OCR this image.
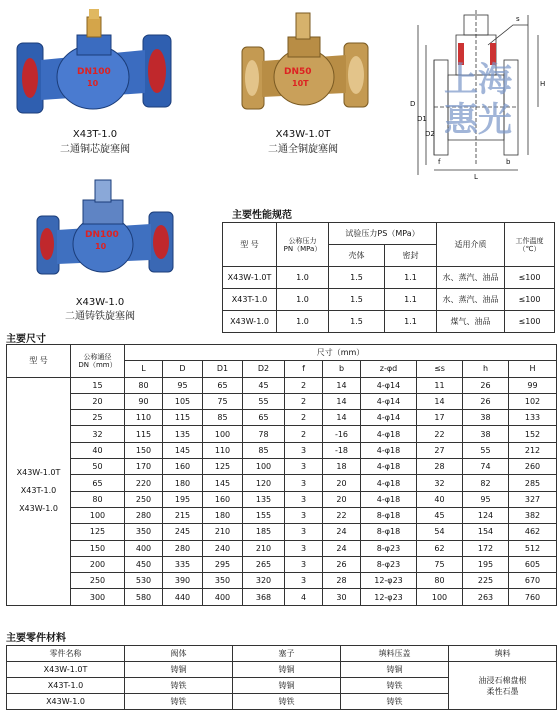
DN100
10
X43T-1.0
二通铜芯旋塞阀
DN50
10T
X43W-1.0T
二通全铜旋塞阀
DN100
10
X43W-1.0
二通铸铁旋塞阀
H
D
D1
D2
L
f	b
s
上海
惠光
主要性能规范
型 号	公称压力
PN（MPa）	试验压力PS（MPa）		适用介质	工作温度
（℃）
		壳体	密封		
X43W-1.0T	1.0	1.5	1.1	水、蒸汽、油品	≤100
X43T-1.0	1.0	1.5	1.1	水、蒸汽、油品	≤100
X43W-1.0	1.0	1.5	1.1	煤气、油品	≤100
主要尺寸
型 号	公称通径
DN（mm）	尺寸（mm）									
		L	D	D1	D2	f	b	z-φd	≤s	h	H
X43W-1.0T
X43T-1.0
X43W-1.0	15	80	95	65	45	2	14	4-φ14	11	26	99
	20	90	105	75	55	2	14	4-φ14	14	26	102
	25	110	115	85	65	2	14	4-φ14	17	38	133
	32	115	135	100	78	2	-16	4-φ18	22	38	152
	40	150	145	110	85	3	-18	4-φ18	27	55	212
	50	170	160	125	100	3	18	4-φ18	28	74	260
	65	220	180	145	120	3	20	4-φ18	32	82	285
	80	250	195	160	135	3	20	4-φ18	40	95	327
	100	280	215	180	155	3	22	8-φ18	45	124	382
	125	350	245	210	185	3	24	8-φ18	54	154	462
	150	400	280	240	210	3	24	8-φ23	62	172	512
	200	450	335	295	265	3	26	8-φ23	75	195	605
	250	530	390	350	320	3	28	12-φ23	80	225	670
	300	580	440	400	368	4	30	12-φ23	100	263	760
主要零件材料
零件名称	阀体	塞子	填料压盖	填料
X43W-1.0T	铸铜	铸铜	铸铜	油浸石棉盘根
柔性石墨
X43T-1.0	铸铁	铸铜	铸铁	
X43W-1.0	铸铁	铸铁	铸铁	
